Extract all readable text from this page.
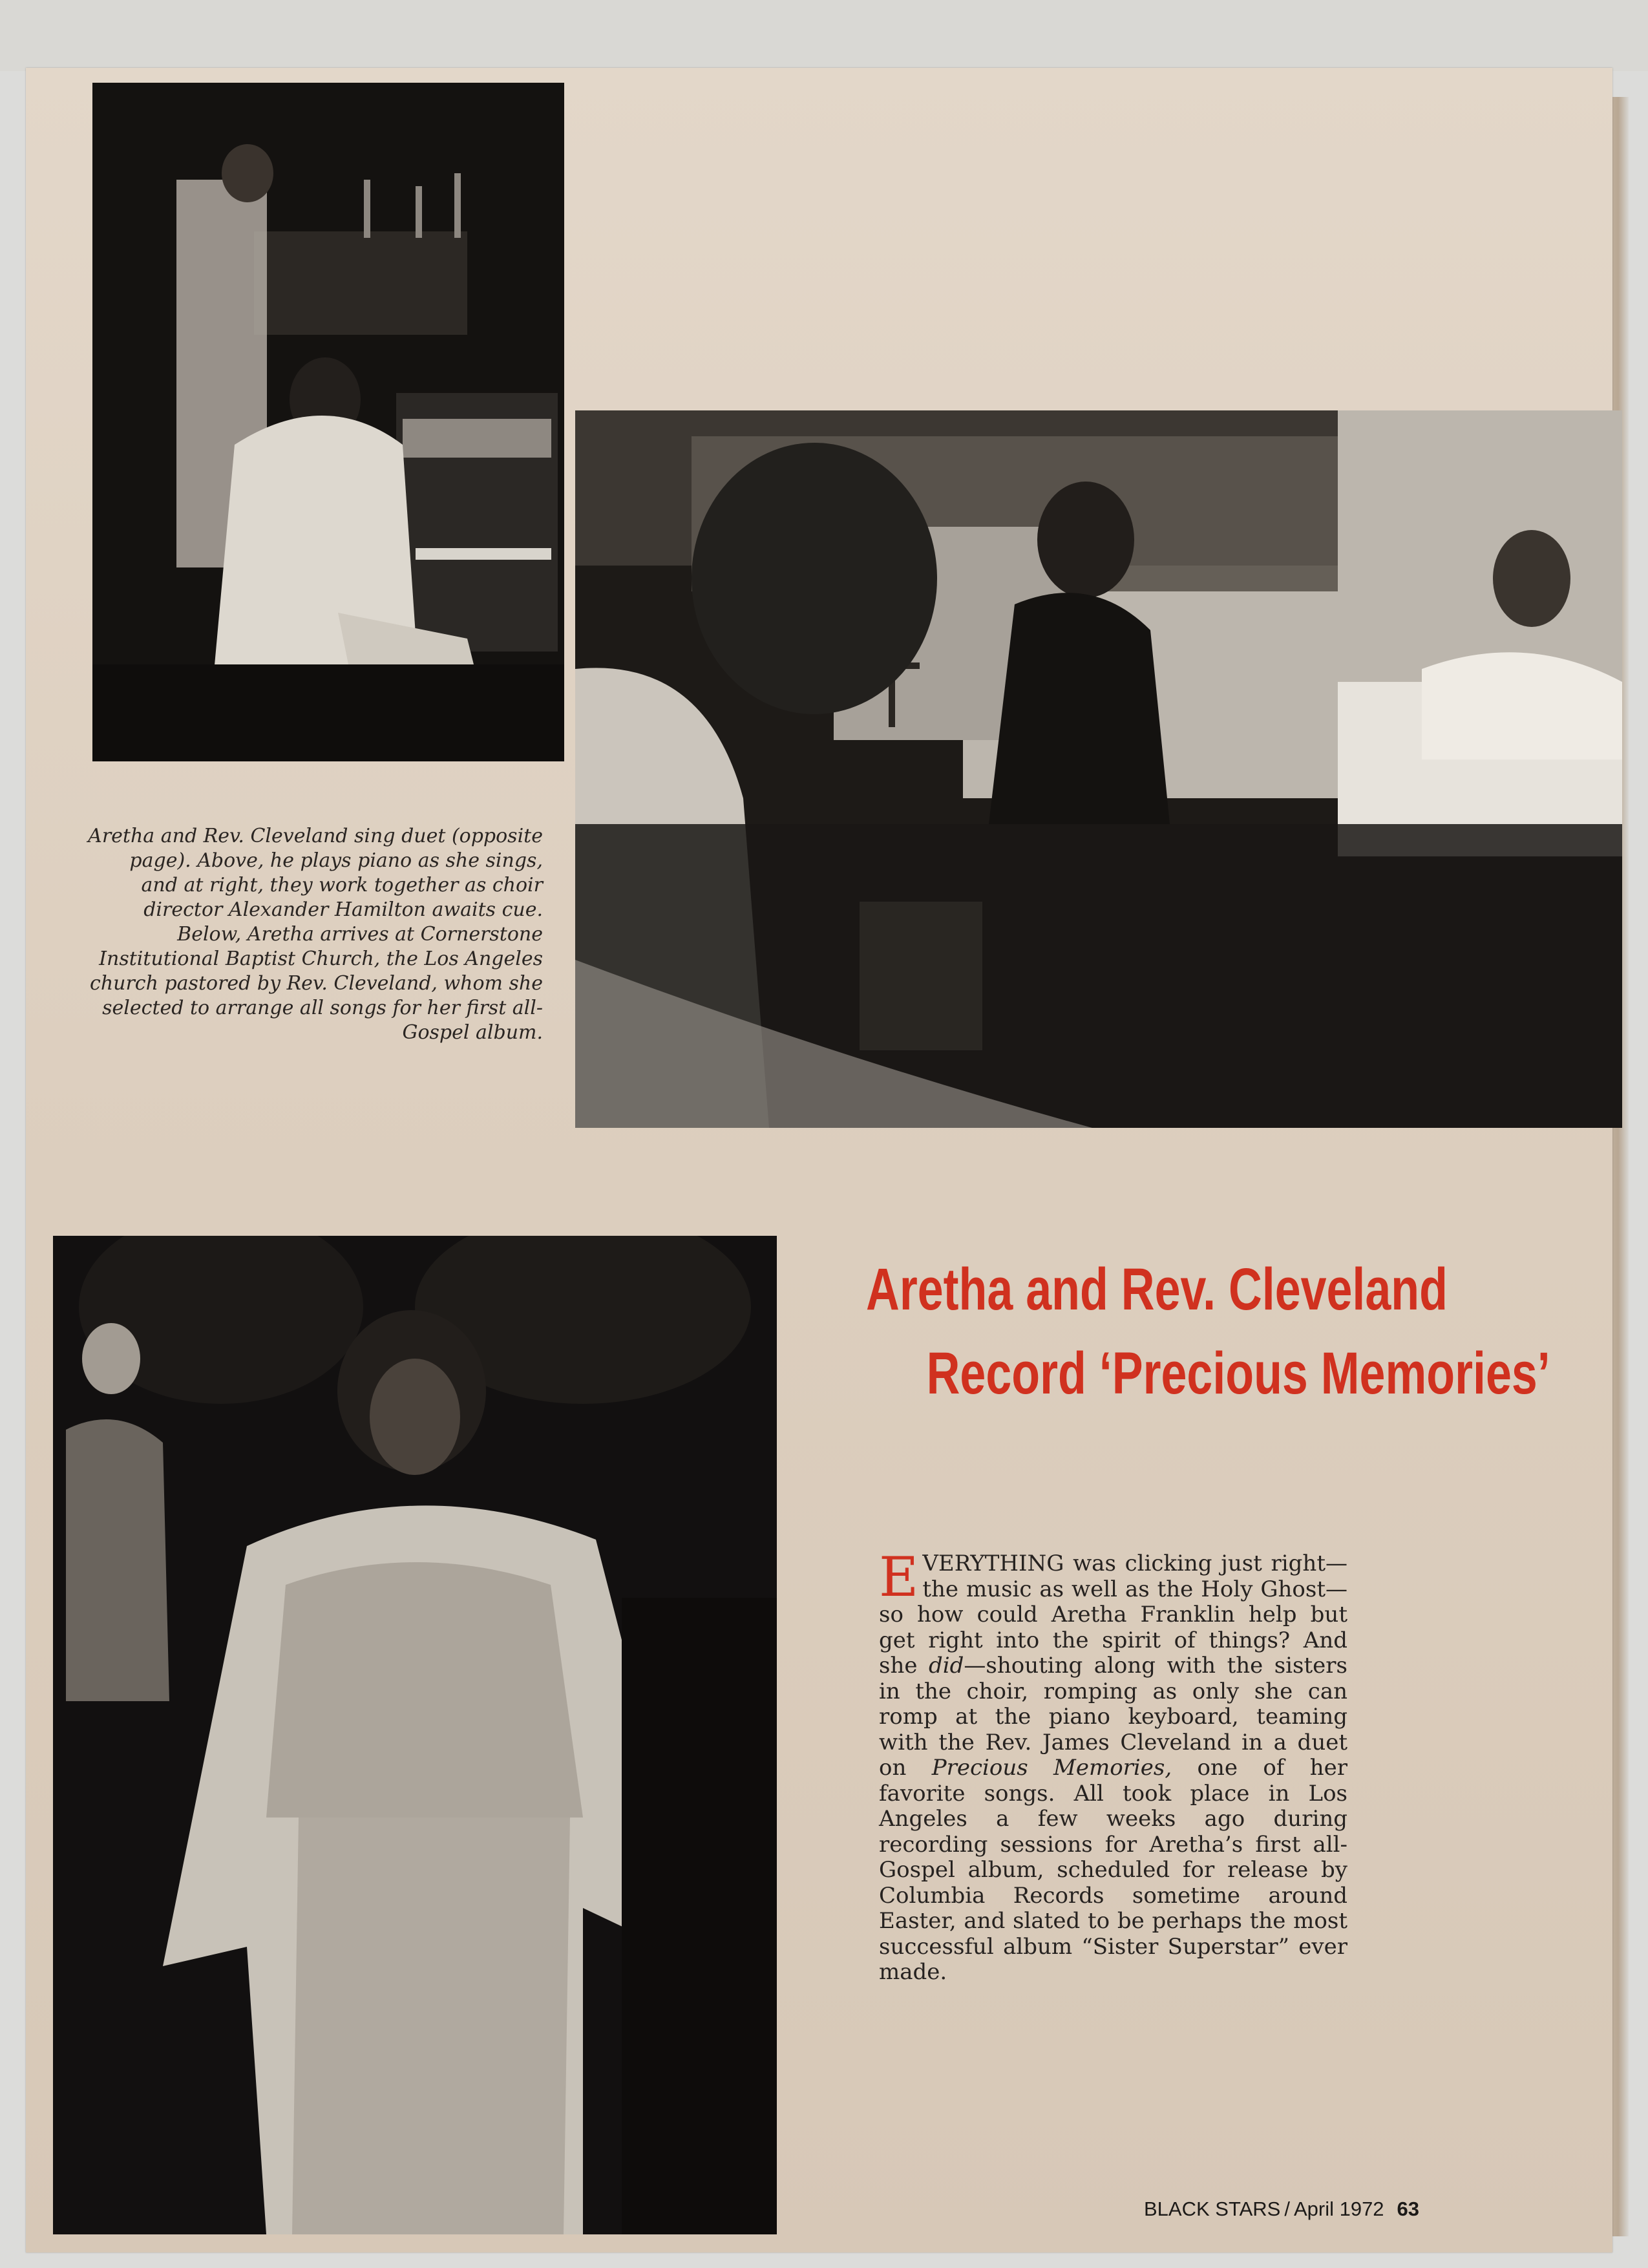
Aretha and Rev. Cleveland sing duet (opposite page). Above, he plays piano as she sings, and at right, they work together as choir director Alexander Hamilton awaits cue. Below, Aretha arrives at Cornerstone Institutional Baptist Church, the Los Angeles church pastored by Rev. Cleveland, whom she selected to arrange all songs for her first all-Gospel album.

Aretha and Rev. Cleveland
Record ‘Precious Memories’

EVERYTHING was clicking just right—the music as well as the Holy Ghost—so how could Aretha Franklin help but get right into the spirit of things? And she did—shouting along with the sisters in the choir, romping as only she can romp at the piano keyboard, teaming with the Rev. James Cleveland in a duet on Precious Memories, one of her favorite songs. All took place in Los Angeles a few weeks ago during recording sessions for Aretha’s first all-Gospel album, scheduled for release by Columbia Records sometime around Easter, and slated to be perhaps the most successful album “Sister Superstar” ever made.

BLACK STARS / April 1972 63
